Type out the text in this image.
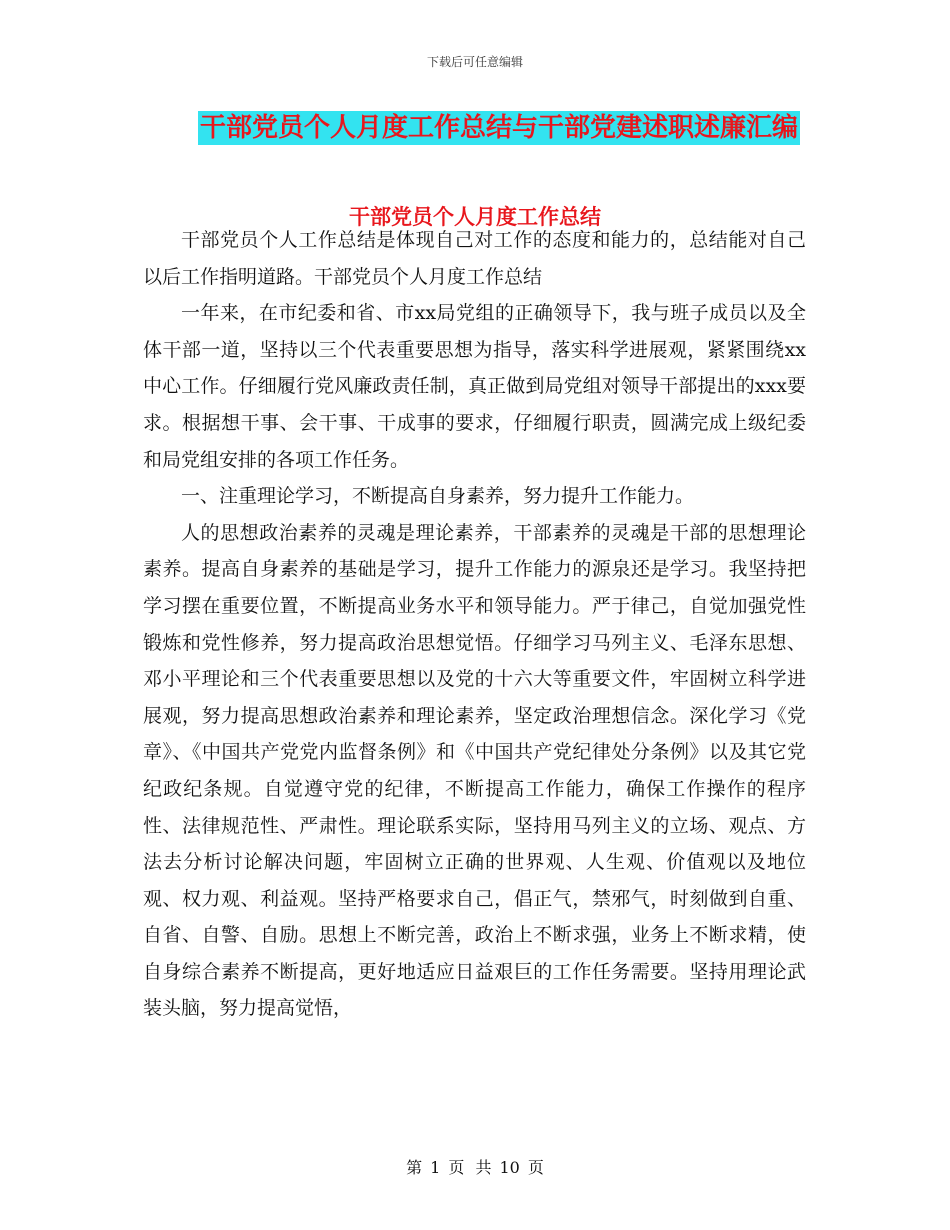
下载后可任意编辑
干部党员个人月度工作总结与干部党建述职述廉汇编
干部党员个人月度工作总结

干部党员个人工作总结是体现自己对工作的态度和能力的，总结能对自己以后工作指明道路。干部党员个人月度工作总结

一年来，在市纪委和省、市xx局党组的正确领导下，我与班子成员以及全体干部一道，坚持以三个代表重要思想为指导，落实科学进展观，紧紧围绕xx中心工作。仔细履行党风廉政责任制，真正做到局党组对领导干部提出的xxx要求。根据想干事、会干事、干成事的要求，仔细履行职责，圆满完成上级纪委和局党组安排的各项工作任务。

一、注重理论学习，不断提高自身素养，努力提升工作能力。

人的思想政治素养的灵魂是理论素养，干部素养的灵魂是干部的思想理论素养。提高自身素养的基础是学习，提升工作能力的源泉还是学习。我坚持把学习摆在重要位置，不断提高业务水平和领导能力。严于律己，自觉加强党性锻炼和党性修养，努力提高政治思想觉悟。仔细学习马列主义、毛泽东思想、邓小平理论和三个代表重要思想以及党的十六大等重要文件，牢固树立科学进展观，努力提高思想政治素养和理论素养，坚定政治理想信念。深化学习《党章》、《中国共产党党内监督条例》和《中国共产党纪律处分条例》以及其它党纪政纪条规。自觉遵守党的纪律，不断提高工作能力，确保工作操作的程序性、法律规范性、严肃性。理论联系实际，坚持用马列主义的立场、观点、方法去分析讨论解决问题，牢固树立正确的世界观、人生观、价值观以及地位观、权力观、利益观。坚持严格要求自己，倡正气，禁邪气，时刻做到自重、自省、自警、自励。思想上不断完善，政治上不断求强，业务上不断求精，使自身综合素养不断提高，更好地适应日益艰巨的工作任务需要。坚持用理论武装头脑，努力提高觉悟，

第 1 页 共 10 页
